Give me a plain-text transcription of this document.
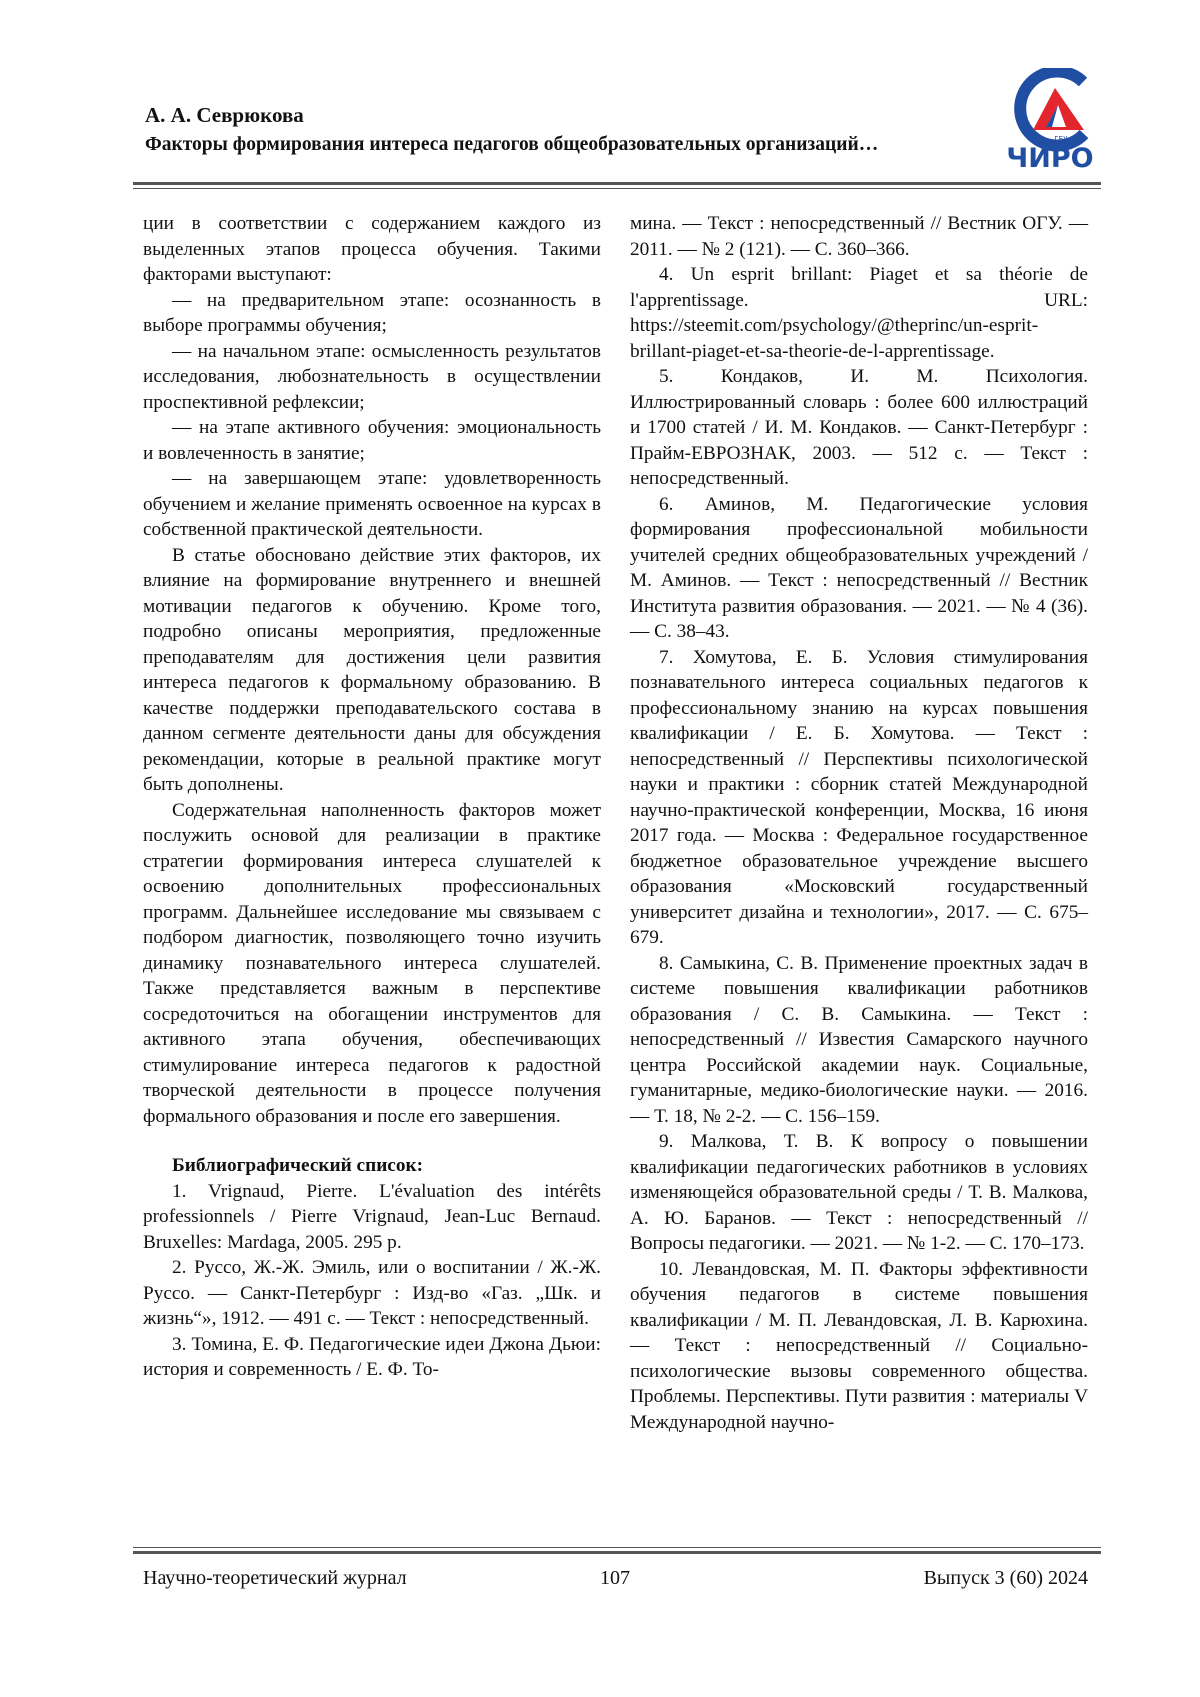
А. А. Севрюкова
Факторы формирования интереса педагогов общеобразовательных организаций…	ГБУ ДПО
ЧИРО

ции в соответствии с содержанием каждого из выделенных этапов процесса обучения. Такими факторами выступают:

— на предварительном этапе: осознанность в выборе программы обучения;

— на начальном этапе: осмысленность результатов исследования, любознательность в осуществлении проспективной рефлексии;

— на этапе активного обучения: эмоциональность и вовлеченность в занятие;

— на завершающем этапе: удовлетворенность обучением и желание применять освоенное на курсах в собственной практической деятельности.

В статье обосновано действие этих факторов, их влияние на формирование внутреннего и внешней мотивации педагогов к обучению. Кроме того, подробно описаны мероприятия, предложенные преподавателям для достижения цели развития интереса педагогов к формальному образованию. В качестве поддержки преподавательского состава в данном сегменте деятельности даны для обсуждения рекомендации, которые в реальной практике могут быть дополнены.

Содержательная наполненность факторов может послужить основой для реализации в практике стратегии формирования интереса слушателей к освоению дополнительных профессиональных программ. Дальнейшее исследование мы связываем с подбором диагностик, позволяющего точно изучить динамику познавательного интереса слушателей. Также представляется важным в перспективе сосредоточиться на обогащении инструментов для активного этапа обучения, обеспечивающих стимулирование интереса педагогов к радостной творческой деятельности в процессе получения формального образования и после его завершения.

Библиографический список:

1. Vrignaud, Pierre. L'évaluation des intérêts professionnels / Pierre Vrignaud, Jean-Luc Bernaud. Bruxelles: Mardaga, 2005. 295 p.

2. Руссо, Ж.-Ж. Эмиль, или о воспитании / Ж.-Ж. Руссо. — Санкт-Петербург : Изд-во «Газ. „Шк. и жизнь“», 1912. — 491 с. — Текст : непосредственный.

3. Томина, Е. Ф. Педагогические идеи Джона Дьюи: история и современность / Е. Ф. То-

мина. — Текст : непосредственный // Вестник ОГУ. — 2011. — № 2 (121). — С. 360–366.

4. Un esprit brillant: Piaget et sa théorie de l'apprentissage. URL: https://steemit.com/psychology/@theprinc/un-esprit-brillant-piaget-et-sa-theorie-de-l-apprentissage.

5. Кондаков, И. М. Психология. Иллюстрированный словарь : более 600 иллюстраций и 1700 статей / И. М. Кондаков. — Санкт-Петербург : Прайм-ЕВРОЗНАК, 2003. — 512 с. — Текст : непосредственный.

6. Аминов, М. Педагогические условия формирования профессиональной мобильности учителей средних общеобразовательных учреждений / М. Аминов. — Текст : непосредственный // Вестник Института развития образования. — 2021. — № 4 (36). — С. 38–43.

7. Хомутова, Е. Б. Условия стимулирования познавательного интереса социальных педагогов к профессиональному знанию на курсах повышения квалификации / Е. Б. Хомутова. — Текст : непосредственный // Перспективы психологической науки и практики : сборник статей Международной научно-практической конференции, Москва, 16 июня 2017 года. — Москва : Федеральное государственное бюджетное образовательное учреждение высшего образования «Московский государственный университет дизайна и технологии», 2017. — С. 675–679.

8. Самыкина, С. В. Применение проектных задач в системе повышения квалификации работников образования / С. В. Самыкина. — Текст : непосредственный // Известия Самарского научного центра Российской академии наук. Социальные, гуманитарные, медико-биологические науки. — 2016. — Т. 18, № 2-2. — С. 156–159.

9. Малкова, Т. В. К вопросу о повышении квалификации педагогических работников в условиях изменяющейся образовательной среды / Т. В. Малкова, А. Ю. Баранов. — Текст : непосредственный // Вопросы педагогики. — 2021. — № 1-2. — С. 170–173.

10. Левандовская, М. П. Факторы эффективности обучения педагогов в системе повышения квалификации / М. П. Левандовская, Л. В. Карюхина. — Текст : непосредственный // Социально-психологические вызовы современного общества. Проблемы. Перспективы. Пути развития : материалы V Международной научно-

Научно-теоретический журнал	107	Выпуск 3 (60) 2024
